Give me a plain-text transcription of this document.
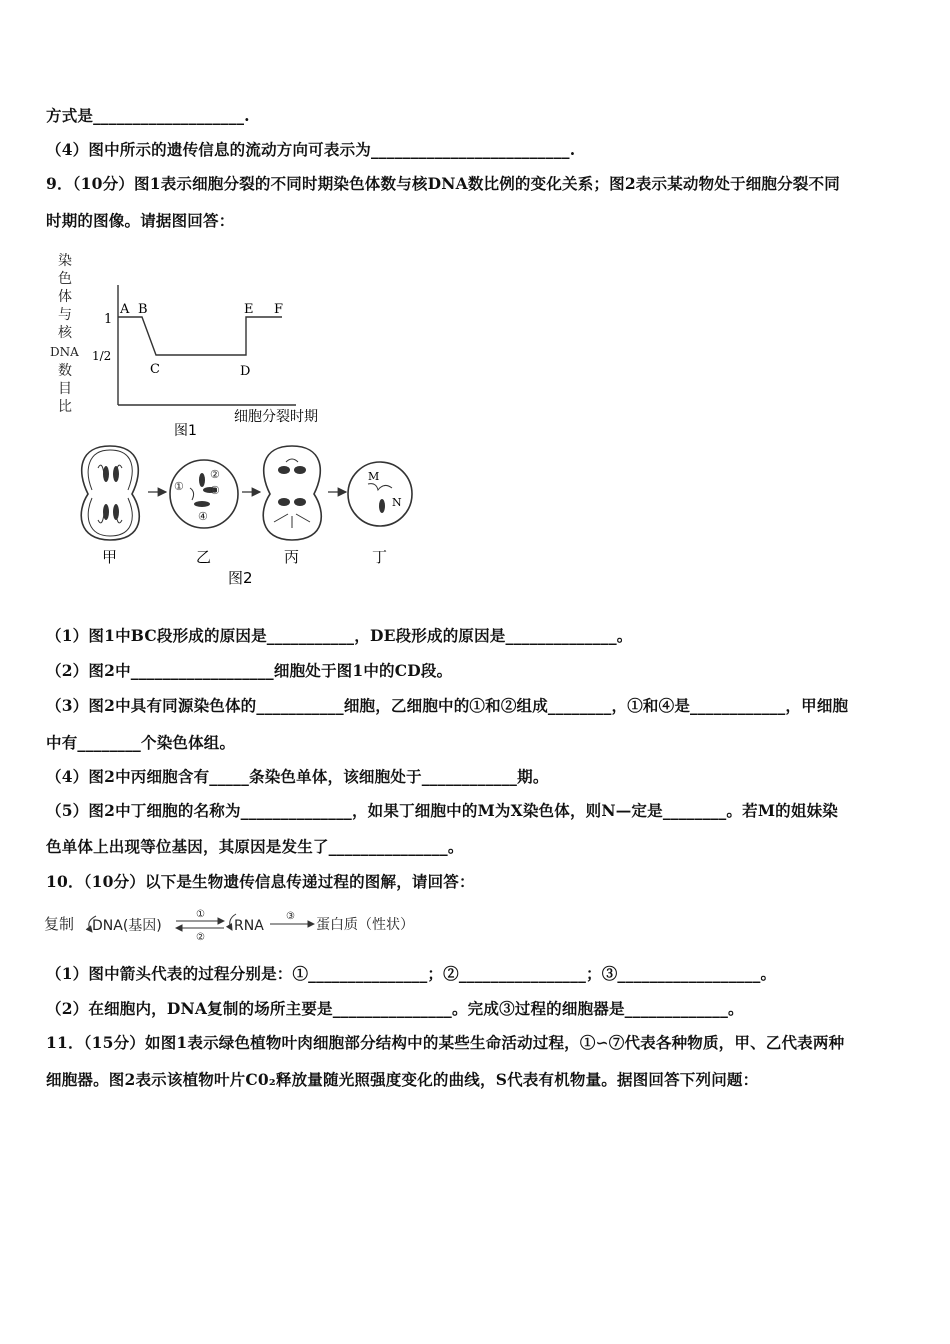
方式是___________________.
（4）图中所示的遗传信息的流动方向可表示为_________________________.
9．（10分）图1表示细胞分裂的不同时期染色体数与核DNA数比例的变化关系；图2表示某动物处于细胞分裂不同
时期的图像。请据图回答：
染
色
体
与
核
DNA
数
目
比
1
1/2
A B
C	D
E F
细胞分裂时期
图1
①
②
③
④
M
N
甲	乙	丙	丁
图2
（1）图1中BC段形成的原因是___________，DE段形成的原因是______________。
（2）图2中__________________细胞处于图1中的CD段。
（3）图2中具有同源染色体的___________细胞，乙细胞中的①和②组成________，①和④是____________，甲细胞
中有________个染色体组。
（4）图2中丙细胞含有_____条染色单体，该细胞处于____________期。
（5）图2中丁细胞的名称为______________，如果丁细胞中的M为X染色体，则N—定是________。若M的姐妹染
色单体上出现等位基因，其原因是发生了_______________。
10．（10分）以下是生物遗传信息传递过程的图解，请回答：
复制 DNA(基因)	RNA	蛋白质（性状）
①
②
③
（1）图中箭头代表的过程分别是：①_______________；②________________；③__________________。
（2）在细胞内，DNA复制的场所主要是_______________。完成③过程的细胞器是_____________。
11．（15分）如图1表示绿色植物叶肉细胞部分结构中的某些生命活动过程，①∽⑦代表各种物质，甲、乙代表两种
细胞器。图2表示该植物叶片C0₂释放量随光照强度变化的曲线，S代表有机物量。据图回答下列问题：
